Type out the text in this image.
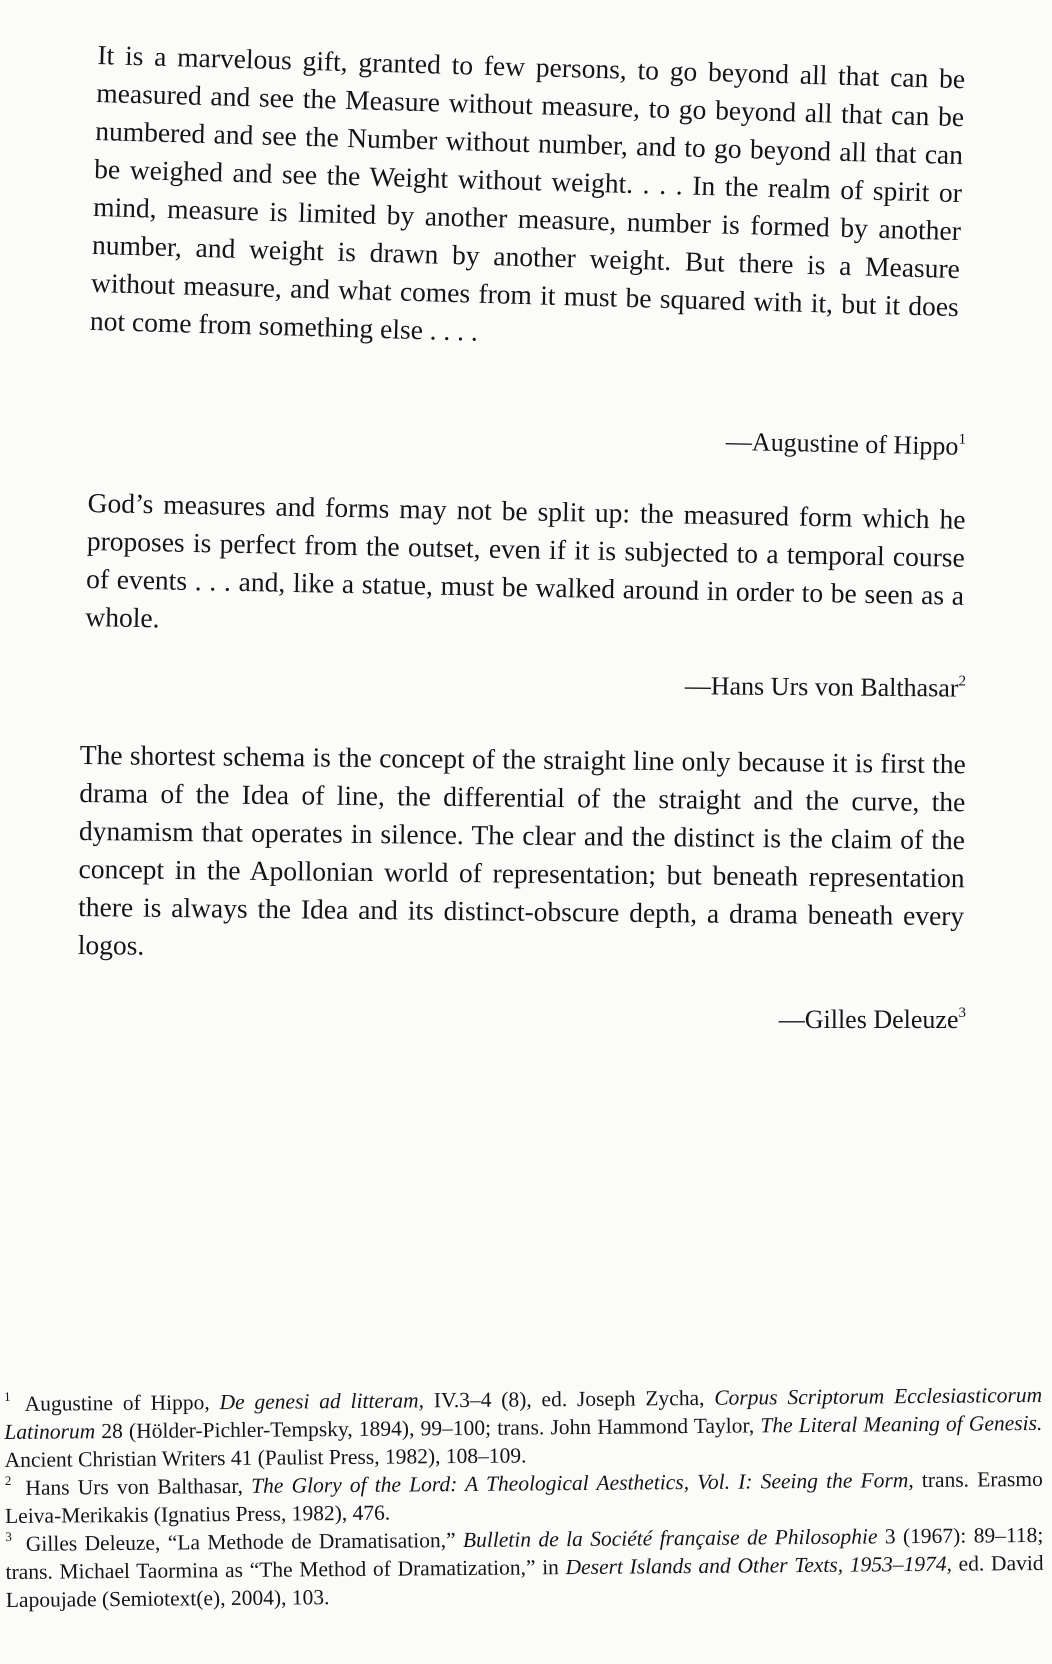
It is a marvelous gift, granted to few persons, to go beyond all that can be measured and see the Measure without measure, to go beyond all that can be numbered and see the Number without number, and to go beyond all that can be weighed and see the Weight without weight. . . . In the realm of spirit or mind, measure is limited by another measure, number is formed by another number, and weight is drawn by another weight. But there is a Measure without measure, and what comes from it must be squared with it, but it does not come from something else . . . .

—Augustine of Hippo$^1$

God’s measures and forms may not be split up: the measured form which he proposes is perfect from the outset, even if it is subjected to a temporal course of events . . . and, like a statue, must be walked around in order to be seen as a whole.

—Hans Urs von Balthasar$^2$

The shortest schema is the concept of the straight line only because it is first the drama of the Idea of line, the differential of the straight and the curve, the dynamism that operates in silence. The clear and the distinct is the claim of the concept in the Apollonian world of representation; but beneath representation there is always the Idea and its distinct-obscure depth, a drama beneath every logos.

—Gilles Deleuze$^3$

$^1$ Augustine of Hippo, De genesi ad litteram, IV.3–4 (8), ed. Joseph Zycha, Corpus Scriptorum Ecclesiasticorum Latinorum 28 (Hölder-Pichler-Tempsky, 1894), 99–100; trans. John Hammond Taylor, The Literal Meaning of Genesis. Ancient Christian Writers 41 (Paulist Press, 1982), 108–109.

$^2$ Hans Urs von Balthasar, The Glory of the Lord: A Theological Aesthetics, Vol. I: Seeing the Form, trans. Erasmo Leiva-Merikakis (Ignatius Press, 1982), 476.

$^3$ Gilles Deleuze, “La Methode de Dramatisation,” Bulletin de la Société française de Philosophie 3 (1967): 89–118; trans. Michael Taormina as “The Method of Dramatization,” in Desert Islands and Other Texts, 1953–1974, ed. David Lapoujade (Semiotext(e), 2004), 103.
